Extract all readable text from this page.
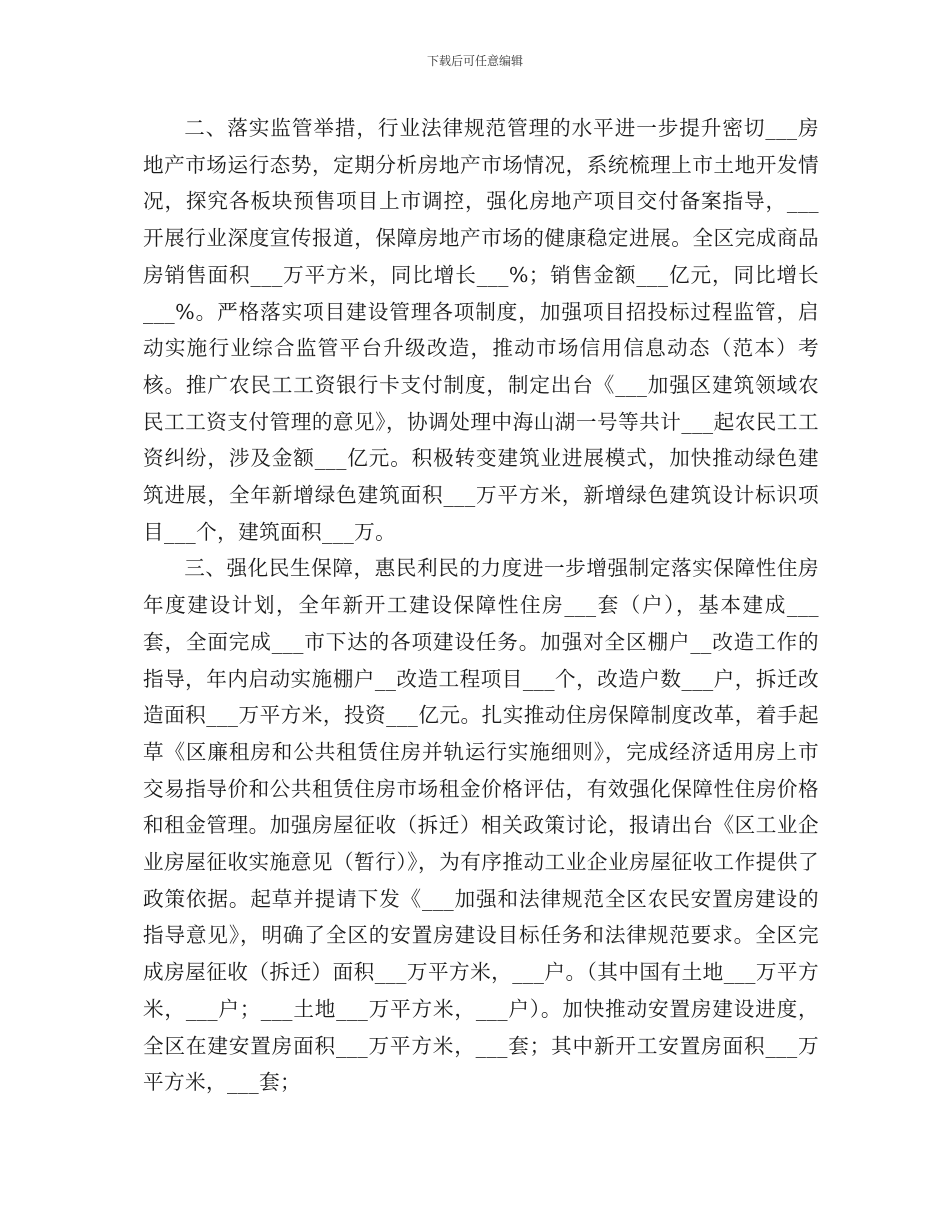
下载后可任意编辑

二、落实监管举措，行业法律规范管理的水平进一步提升密切___房地产市场运行态势，定期分析房地产市场情况，系统梳理上市土地开发情况，探究各板块预售项目上市调控，强化房地产项目交付备案指导，___开展行业深度宣传报道，保障房地产市场的健康稳定进展。全区完成商品房销售面积___万平方米，同比增长___%；销售金额___亿元，同比增长___%。严格落实项目建设管理各项制度，加强项目招投标过程监管，启动实施行业综合监管平台升级改造，推动市场信用信息动态（范本）考核。推广农民工工资银行卡支付制度，制定出台《___加强区建筑领域农民工工资支付管理的意见》，协调处理中海山湖一号等共计___起农民工工资纠纷，涉及金额___亿元。积极转变建筑业进展模式，加快推动绿色建筑进展，全年新增绿色建筑面积___万平方米，新增绿色建筑设计标识项目___个，建筑面积___万。

三、强化民生保障，惠民利民的力度进一步增强制定落实保障性住房年度建设计划，全年新开工建设保障性住房___套（户），基本建成___套，全面完成___市下达的各项建设任务。加强对全区棚户__改造工作的指导，年内启动实施棚户__改造工程项目___个，改造户数___户，拆迁改造面积___万平方米，投资___亿元。扎实推动住房保障制度改革，着手起草《区廉租房和公共租赁住房并轨运行实施细则》，完成经济适用房上市交易指导价和公共租赁住房市场租金价格评估，有效强化保障性住房价格和租金管理。加强房屋征收（拆迁）相关政策讨论，报请出台《区工业企业房屋征收实施意见（暂行）》，为有序推动工业企业房屋征收工作提供了政策依据。起草并提请下发《___加强和法律规范全区农民安置房建设的指导意见》，明确了全区的安置房建设目标任务和法律规范要求。全区完成房屋征收（拆迁）面积___万平方米，___户。（其中国有土地___万平方米，___户；___土地___万平方米，___户）。加快推动安置房建设进度，全区在建安置房面积___万平方米，___套；其中新开工安置房面积___万平方米，___套；
